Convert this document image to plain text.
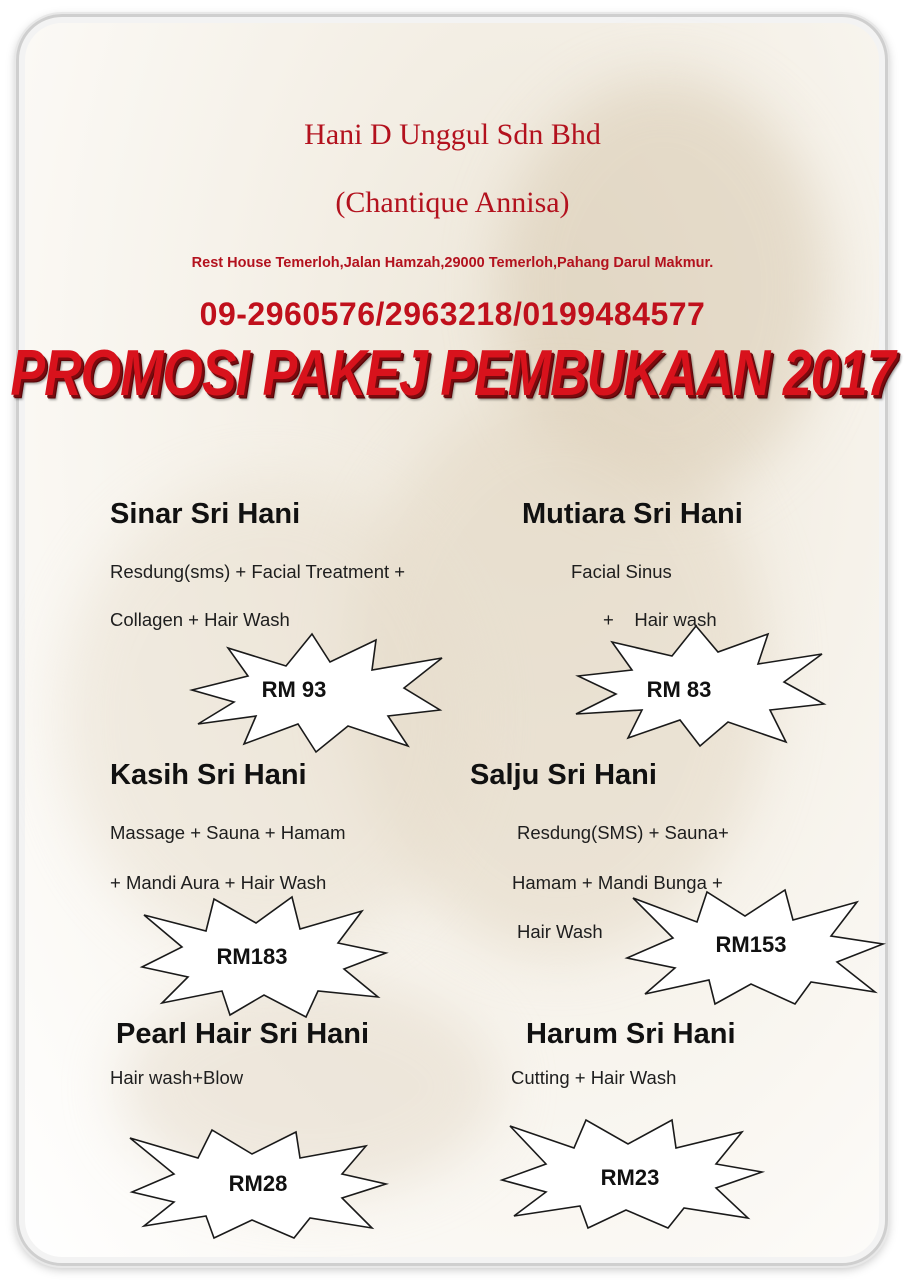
Hani D Unggul Sdn Bhd
(Chantique Annisa)
Rest House Temerloh,Jalan Hamzah,29000 Temerloh,Pahang Darul Makmur.
09-2960576/2963218/0199484577
PROMOSI PAKEJ PEMBUKAAN 2017
Sinar Sri Hani
Resdung(sms) + Facial Treatment +
Collagen + Hair Wash
Mutiara Sri Hani
Facial Sinus
+    Hair wash
Kasih Sri Hani
Massage + Sauna + Hamam
+ Mandi Aura + Hair Wash
Salju Sri Hani
Resdung(SMS) + Sauna+
Hamam + Mandi Bunga +
Hair Wash
Pearl Hair Sri Hani
Hair wash+Blow
Harum Sri Hani
Cutting + Hair Wash
RM 93	RM 83
RM183	RM153
RM28	RM23
